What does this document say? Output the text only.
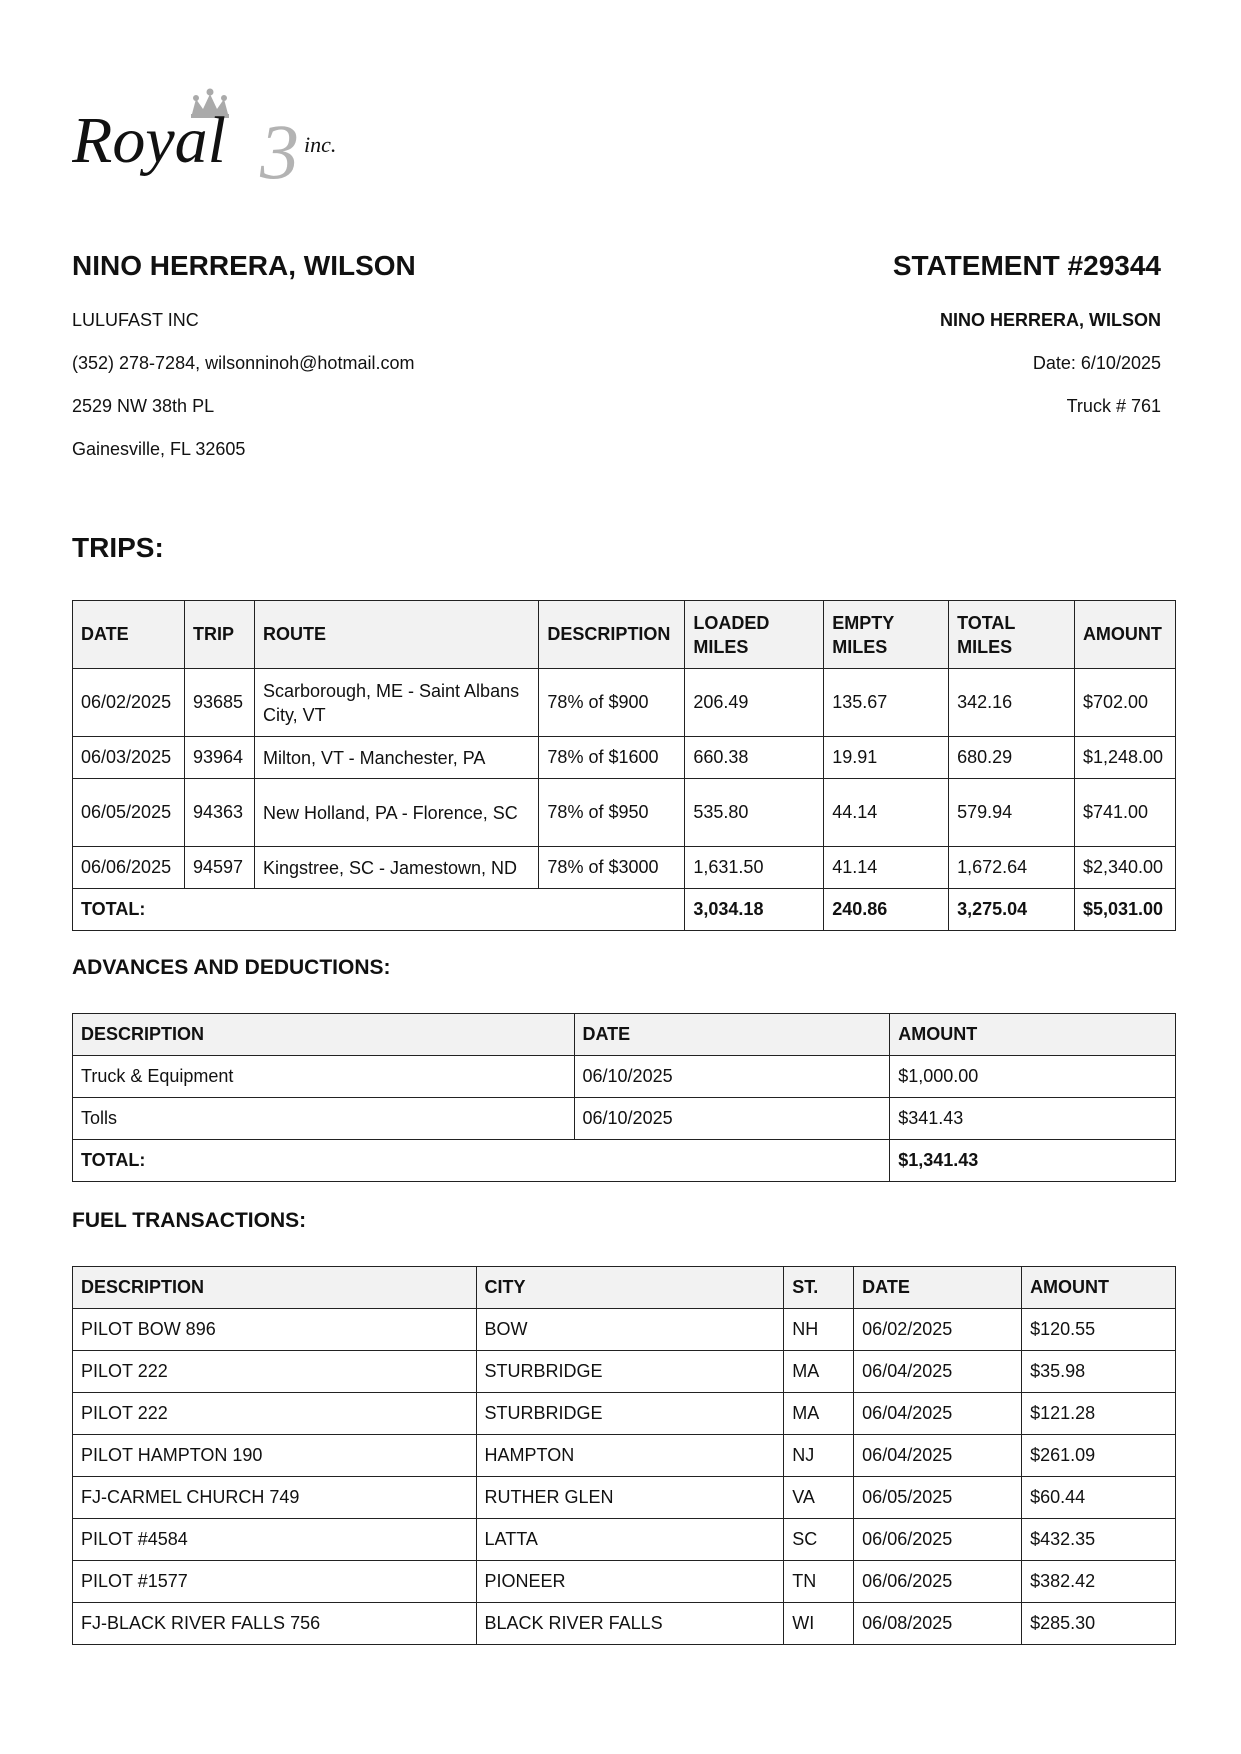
Royal 3 inc.

NINO HERRERA, WILSON

LULUFAST INC

(352) 278-7284, wilsonninoh@hotmail.com

2529 NW 38th PL

Gainesville, FL 32605

STATEMENT #29344

NINO HERRERA, WILSON

Date: 6/10/2025

Truck # 761

TRIPS:

DATE	TRIP	ROUTE	DESCRIPTION	LOADED MILES	EMPTY MILES	TOTAL MILES	AMOUNT
06/02/2025	93685	Scarborough, ME - Saint Albans City, VT	78% of $900	206.49	135.67	342.16	$702.00
06/03/2025	93964	Milton, VT - Manchester, PA	78% of $1600	660.38	19.91	680.29	$1,248.00
06/05/2025	94363	New Holland, PA - Florence, SC	78% of $950	535.80	44.14	579.94	$741.00
06/06/2025	94597	Kingstree, SC - Jamestown, ND	78% of $3000	1,631.50	41.14	1,672.64	$2,340.00
TOTAL:				3,034.18	240.86	3,275.04	$5,031.00

ADVANCES AND DEDUCTIONS:

DESCRIPTION	DATE	AMOUNT
Truck & Equipment	06/10/2025	$1,000.00
Tolls	06/10/2025	$341.43
TOTAL:		$1,341.43

FUEL TRANSACTIONS:

DESCRIPTION	CITY	ST.	DATE	AMOUNT
PILOT BOW 896	BOW	NH	06/02/2025	$120.55
PILOT 222	STURBRIDGE	MA	06/04/2025	$35.98
PILOT 222	STURBRIDGE	MA	06/04/2025	$121.28
PILOT HAMPTON 190	HAMPTON	NJ	06/04/2025	$261.09
FJ-CARMEL CHURCH 749	RUTHER GLEN	VA	06/05/2025	$60.44
PILOT #4584	LATTA	SC	06/06/2025	$432.35
PILOT #1577	PIONEER	TN	06/06/2025	$382.42
FJ-BLACK RIVER FALLS 756	BLACK RIVER FALLS	WI	06/08/2025	$285.30
